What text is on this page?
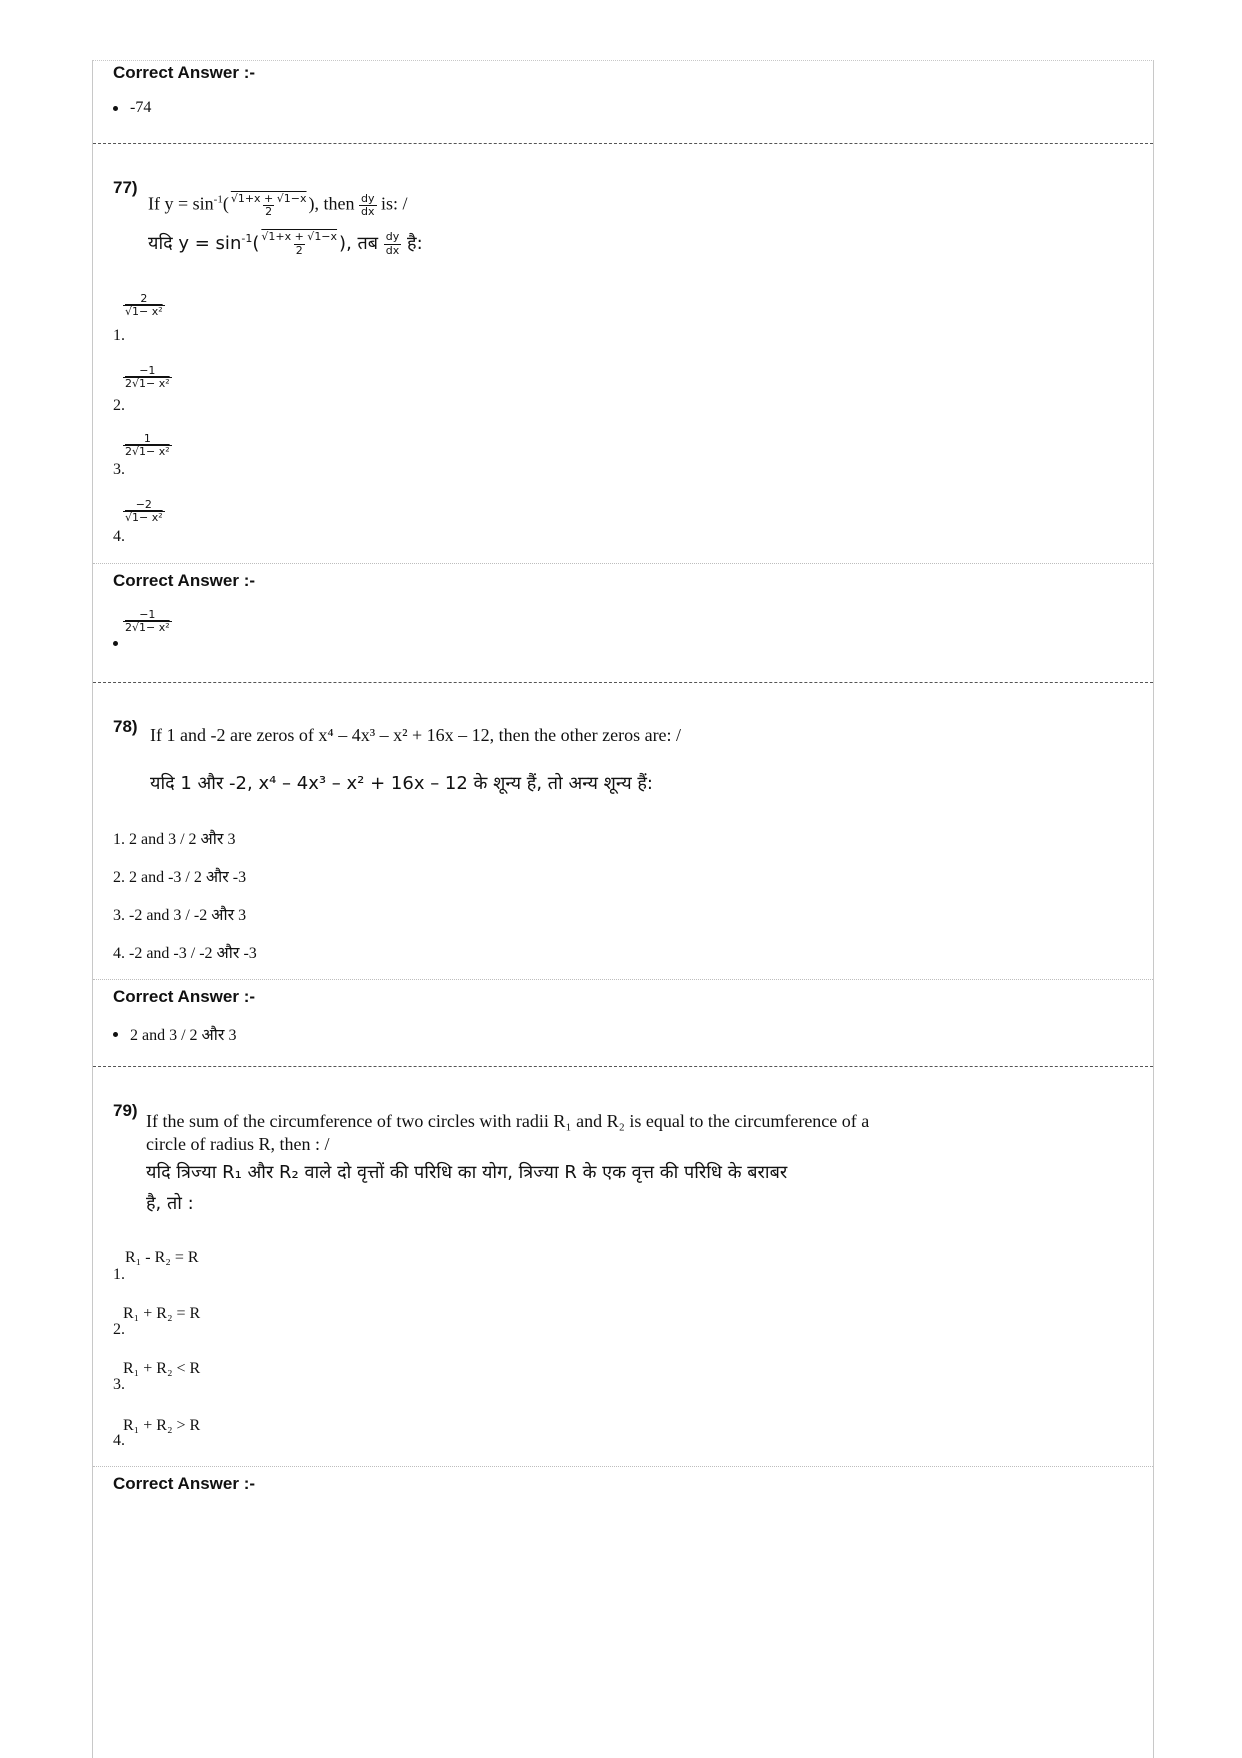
Correct Answer :-
-74
77)
If $y = \sin^{-1}( \frac{√1+x + √1-x}{2}$ ), then $\frac{dy}{dx}$ is: /
यदि $y = \sin^{-1}( \frac{√1+x + √1-x}{2}$ ), तब $\frac{dy}{dx}$ है:
$\frac{2}{\text{√1− x²}}$
1.
$\frac{-1}{\text{2√1− x²}}$
2.
$\frac{1}{\text{2√1− x²}}$
3.
$\frac{-2}{\text{√1− x²}}$
4.
Correct Answer :-
$\frac{-1}{\text{2√1− x²}}$
78) If 1 and -2 are zeros of x⁴ – 4x³ – x² + 16x – 12, then the other zeros are: /
यदि 1 और -2, x⁴ – 4x³ – x² + 16x – 12 के शून्य हैं, तो अन्य शून्य हैं:
1. 2 and 3 / 2 और 3
2. 2 and -3 / 2 और -3
3. -2 and 3 / -2 और 3
4. -2 and -3 / -2 और -3
Correct Answer :-
2 and 3 / 2 और 3
79)
If the sum of the circumference of two circles with radii R₁ and R₂ is equal to the circumference of a
circle of radius R, then : /
यदि त्रिज्या R₁ और R₂ वाले दो वृत्तों की परिधि का योग, त्रिज्या R के एक वृत्त की परिधि के बराबर
है, तो :
R₁ - R₂ = R
1.
R₁ + R₂ = R
2.
R₁ + R₂ < R
3.
R₁ + R₂ > R
4.
Correct Answer :-
